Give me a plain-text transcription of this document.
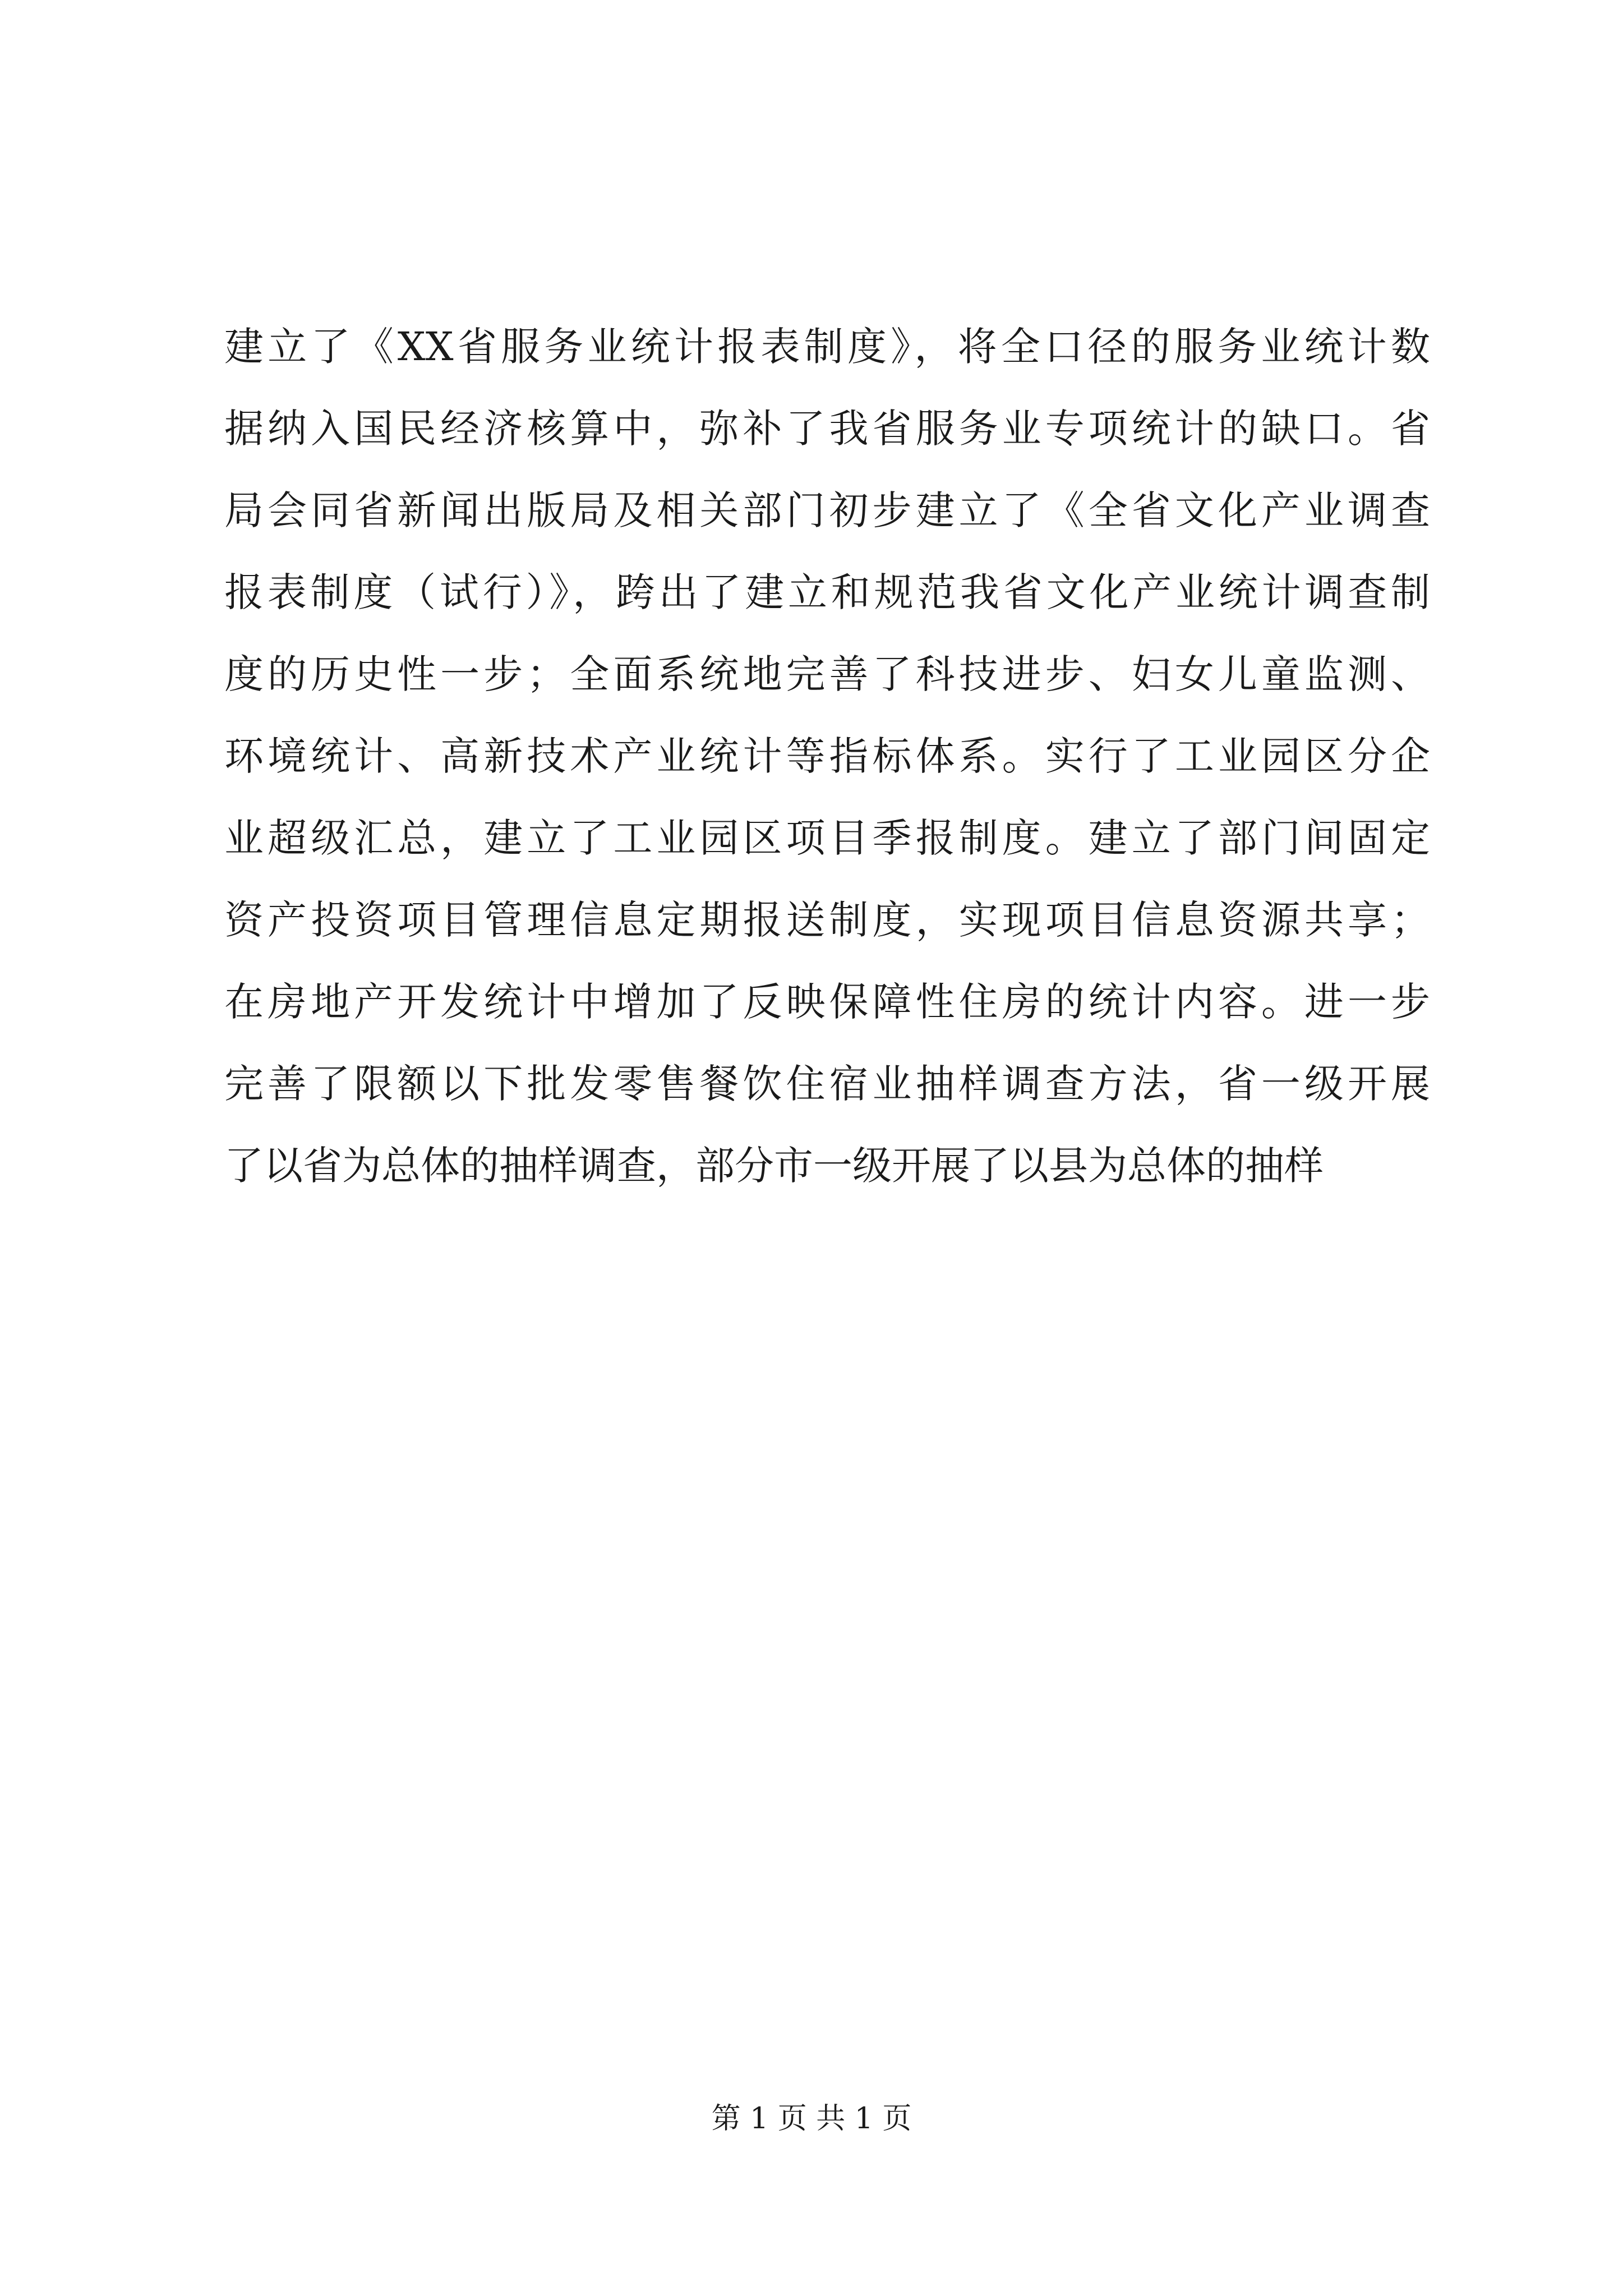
建立了《XX省服务业统计报表制度》，将全口径的服务业统计数
据纳入国民经济核算中，弥补了我省服务业专项统计的缺口。省
局会同省新闻出版局及相关部门初步建立了《全省文化产业调查
报表制度（试行）》，跨出了建立和规范我省文化产业统计调查制
度的历史性一步；全面系统地完善了科技进步、妇女儿童监测、
环境统计、高新技术产业统计等指标体系。实行了工业园区分企
业超级汇总，建立了工业园区项目季报制度。建立了部门间固定
资产投资项目管理信息定期报送制度，实现项目信息资源共享；
在房地产开发统计中增加了反映保障性住房的统计内容。进一步
完善了限额以下批发零售餐饮住宿业抽样调查方法，省一级开展
了以省为总体的抽样调查，部分市一级开展了以县为总体的抽样
第 1 页 共 1 页
